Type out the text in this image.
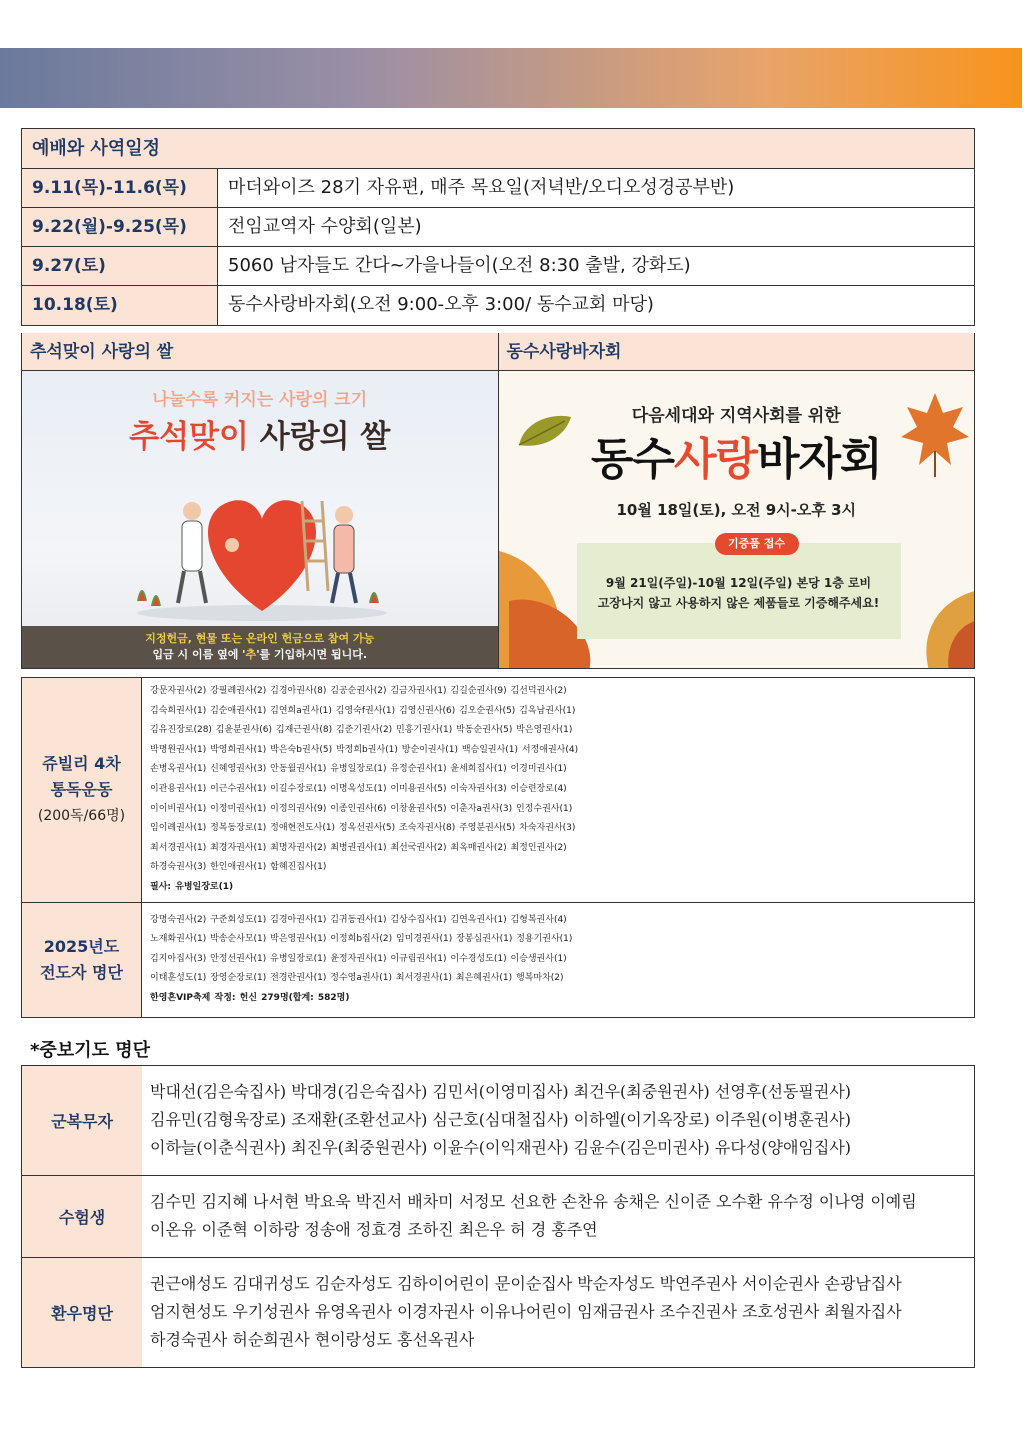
예배와 사역일정
9.11(목)-11.6(목)	마더와이즈 28기 자유편, 매주 목요일(저녁반/오디오성경공부반)
9.22(월)-9.25(목)	전임교역자 수양회(일본)
9.27(토)	5060 남자들도 간다~가을나들이(오전 8:30 출발, 강화도)
10.18(토)	동수사랑바자회(오전 9:00-오후 3:00/ 동수교회 마당)
추석맞이 사랑의 쌀	동수사랑바자회
나눌수록 커지는 사랑의 크기
추석맞이 사랑의 쌀
지정헌금, 현물 또는 온라인 헌금으로 참여 가능
입금 시 이름 옆에 '추'를 기입하시면 됩니다.
다음세대와 지역사회를 위한
동수사랑바자회
10월 18일(토), 오전 9시-오후 3시
9월 21일(주일)-10월 12일(주일) 본당 1층 로비
고장나지 않고 사용하지 않은 제품들로 기증해주세요!
기증품 접수
쥬빌리 4차
통독운동
(200독/66명)
강문자권사(2) 강필례권사(2) 김경아권사(8) 김공순권사(2) 김금자권사(1) 김길순권사(9) 김선덕권사(2)
김숙희권사(1) 김순애권사(1) 김연희a권사(1) 김영숙f권사(1) 김영신권사(6) 김오순권사(5) 김옥남권사(1)
김유진장로(28) 김윤분권사(6) 김재근권사(8) 김준기권사(2) 민흥기권사(1) 박동순권사(5) 박은영권사(1)
박명원권사(1) 박영희권사(1) 박은숙b권사(5) 박정희b권사(1) 방순이권사(1) 백승일권사(1) 서정애권사(4)
손병옥권사(1) 신혜영권사(3) 안동월권사(1) 유병일장로(1) 유정순권사(1) 윤세희집사(1) 이경미권사(1)
이관용권사(1) 이근수권사(1) 이길수장로(1) 이명옥성도(1) 이미용권사(5) 이숙자권사(3) 이승련장로(4)
이이비권사(1) 이정미권사(1) 이정의권사(9) 이종인권사(6) 이창윤권사(5) 이춘자a권사(3) 인정수권사(1)
임이례권사(1) 정복동장로(1) 정애현전도사(1) 정옥선권사(5) 조숙자권사(8) 주영분권사(5) 차숙자권사(3)
최서경권사(1) 최경자권사(1) 최명자권사(2) 최병권권사(1) 최선국권사(2) 최옥매권사(2) 최정인권사(2)
하경숙권사(3) 한인애권사(1) 함혜진집사(1)
필사: 유병일장로(1)
2025년도
전도자 명단
강명숙권사(2) 구준회성도(1) 김경아권사(1) 김귀동권사(1) 김상수집사(1) 김연옥권사(1) 김형복권사(4)
노재화권사(1) 박송순사모(1) 박은영권사(1) 이정희b집사(2) 임미경권사(1) 장봉심권사(1) 정용기권사(1)
김지아집사(3) 안정선권사(1) 유병일장로(1) 윤정자권사(1) 이규림권사(1) 이수경성도(1) 이승생권사(1)
이태훈성도(1) 장영순장로(1) 전경란권사(1) 정수영a권사(1) 최서경권사(1) 최은혜권사(1) 행복마차(2)
한영혼VIP축제 작정: 헌신 279명(합계: 582명)
*중보기도 명단
군복무자
박대선(김은숙집사) 박대경(김은숙집사) 김민서(이영미집사) 최건우(최중원권사) 선영후(선동필권사)
김유민(김형욱장로) 조재환(조환선교사) 심근호(심대철집사) 이하엘(이기옥장로) 이주원(이병훈권사)
이하늘(이춘식권사) 최진우(최중원권사) 이윤수(이익재권사) 김윤수(김은미권사) 유다성(양애임집사)
수험생
김수민 김지혜 나서현 박요욱 박진서 배차미 서정모 선요한 손찬유 송채은 신이준 오수환 유수정 이나영 이예림
이온유 이준혁 이하랑 정송애 정효경 조하진 최은우 허 경 홍주연
환우명단
권근애성도 김대귀성도 김순자성도 김하이어린이 문이순집사 박순자성도 박연주권사 서이순권사 손광남집사
엄지현성도 우기성권사 유영옥권사 이경자권사 이유나어린이 임재금권사 조수진권사 조호성권사 최월자집사
하경숙권사 허순희권사 현이랑성도 홍선옥권사
